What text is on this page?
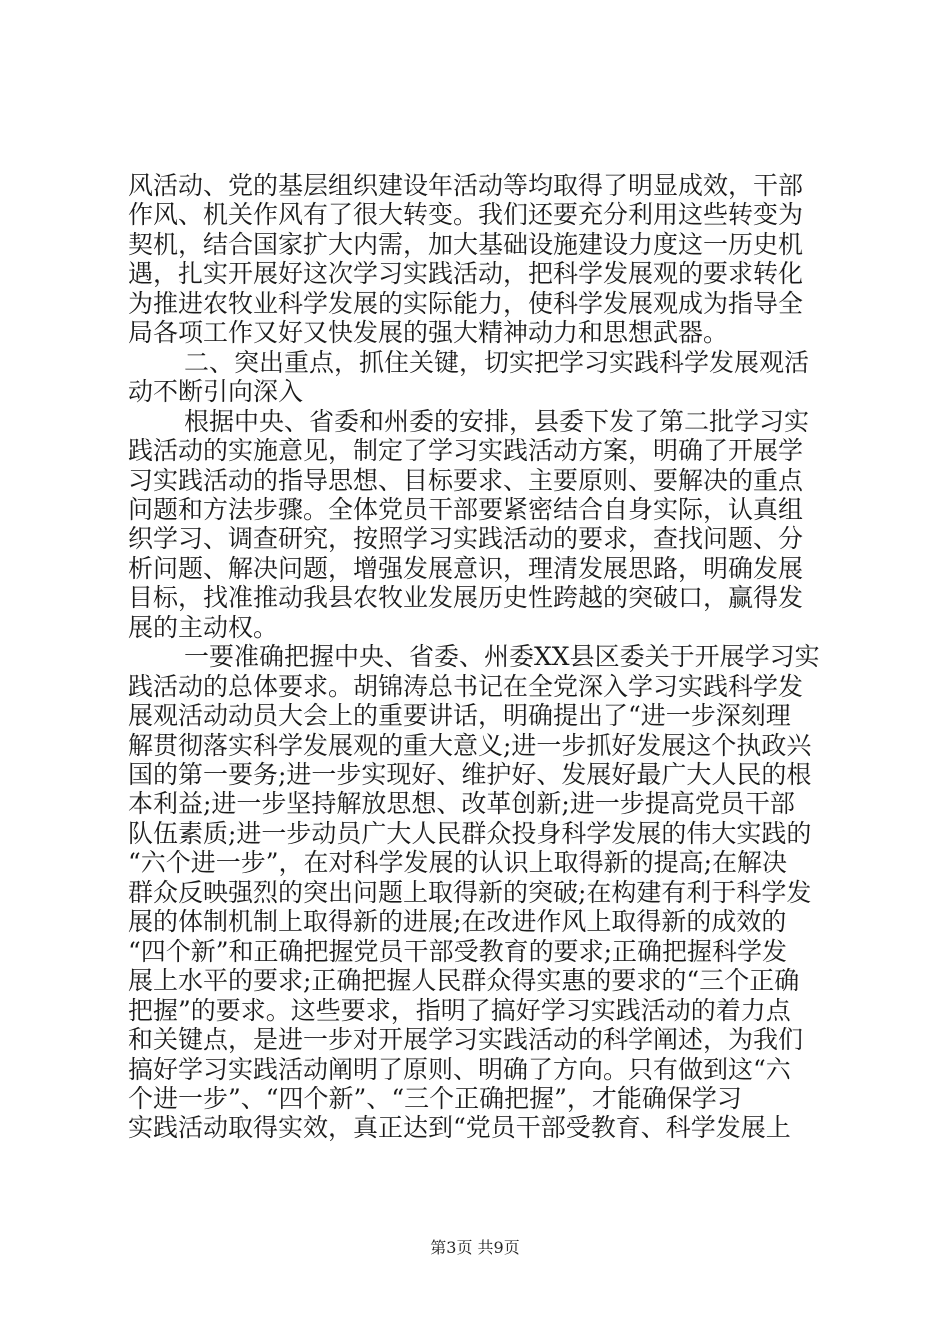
风活动、党的基层组织建设年活动等均取得了明显成效，干部
作风、机关作风有了很大转变。我们还要充分利用这些转变为
契机，结合国家扩大内需，加大基础设施建设力度这一历史机
遇，扎实开展好这次学习实践活动，把科学发展观的要求转化
为推进农牧业科学发展的实际能力，使科学发展观成为指导全
局各项工作又好又快发展的强大精神动力和思想武器。
二、突出重点，抓住关键，切实把学习实践科学发展观活
动不断引向深入
根据中央、省委和州委的安排，县委下发了第二批学习实
践活动的实施意见，制定了学习实践活动方案，明确了开展学
习实践活动的指导思想、目标要求、主要原则、要解决的重点
问题和方法步骤。全体党员干部要紧密结合自身实际，认真组
织学习、调查研究，按照学习实践活动的要求，查找问题、分
析问题、解决问题，增强发展意识，理清发展思路，明确发展
目标，找准推动我县农牧业发展历史性跨越的突破口，赢得发
展的主动权。
一要准确把握中央、省委、州委XX县区委关于开展学习实
践活动的总体要求。胡锦涛总书记在全党深入学习实践科学发
展观活动动员大会上的重要讲话，明确提出了“进一步深刻理
解贯彻落实科学发展观的重大意义;进一步抓好发展这个执政兴
国的第一要务;进一步实现好、维护好、发展好最广大人民的根
本利益;进一步坚持解放思想、改革创新;进一步提高党员干部
队伍素质;进一步动员广大人民群众投身科学发展的伟大实践的
“六个进一步”，在对科学发展的认识上取得新的提高;在解决
群众反映强烈的突出问题上取得新的突破;在构建有利于科学发
展的体制机制上取得新的进展;在改进作风上取得新的成效的
“四个新”和正确把握党员干部受教育的要求;正确把握科学发
展上水平的要求;正确把握人民群众得实惠的要求的“三个正确
把握”的要求。这些要求，指明了搞好学习实践活动的着力点
和关键点，是进一步对开展学习实践活动的科学阐述，为我们
搞好学习实践活动阐明了原则、明确了方向。只有做到这“六
个进一步”、“四个新”、“三个正确把握”，才能确保学习
实践活动取得实效，真正达到“党员干部受教育、科学发展上
第3页 共9页
